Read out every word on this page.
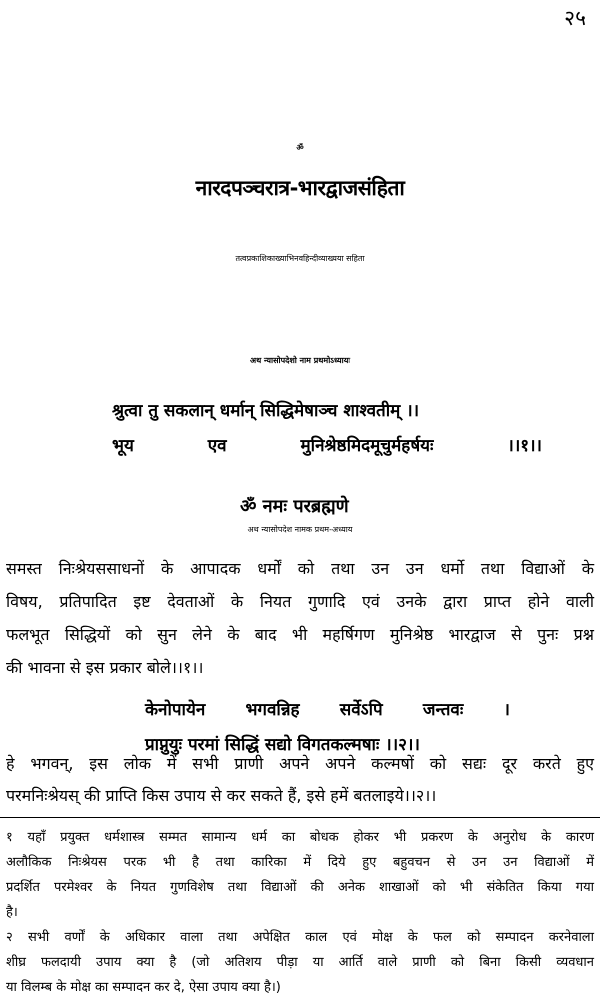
२५
ॐ
नारदपञ्चरात्र-भारद्वाजसंहिता
तत्वप्रकाशिकाख्याभिनवहिन्दीव्याख्यया सहिता
अथ न्यासोपदेशो नाम प्रथमोऽध्यायः
श्रुत्वा तु सकलान् धर्मान् सिद्धिमेषाञ्च शाश्वतीम् ।।
भूय	एव	मुनिश्रेष्ठमिदमूचुर्महर्षयः	।।१।।
ॐ नमः परब्रह्मणे
अथ न्यासोपदेश नामक प्रथम-अध्याय
समस्त निःश्रेयससाधनों के आपादक धर्मों को तथा उन उन धर्मो तथा विद्याओं के
विषय, प्रतिपादित इष्ट देवताओं के नियत गुणादि एवं उनके द्वारा प्राप्त होने वाली
फलभूत सिद्धियों को सुन लेने के बाद भी महर्षिगण मुनिश्रेष्ठ भारद्वाज से पुनः प्रश्न
की भावना से इस प्रकार बोले।।१।।
केनोपायेन भगवन्निह सर्वेऽपि जन्तवः ।
प्राप्नुयुः परमां सिद्धिं सद्यो विगतकल्मषाः ।।२।।
हे भगवन्, इस लोक में सभी प्राणी अपने अपने कल्मषों को सद्यः दूर करते हुए
परमनिःश्रेयस् की प्राप्ति किस उपाय से कर सकते हैं, इसे हमें बतलाइये।।२।।
१ यहाँ प्रयुक्त धर्मशास्त्र सम्मत सामान्य धर्म का बोधक होकर भी प्रकरण के अनुरोध के कारण
अलौकिक निःश्रेयस परक भी है तथा कारिका में दिये हुए बहुवचन से उन उन विद्याओं में
प्रदर्शित परमेश्वर के नियत गुणविशेष तथा विद्याओं की अनेक शाखाओं को भी संकेतित किया गया
है।
२ सभी वर्णों के अधिकार वाला तथा अपेक्षित काल एवं मोक्ष के फल को सम्पादन करनेवाला
शीघ्र फलदायी उपाय क्या है (जो अतिशय पीड़ा या आर्ति वाले प्राणी को बिना किसी व्यवधान
या विलम्ब के मोक्ष का सम्पादन कर दे, ऐसा उपाय क्या है।)
